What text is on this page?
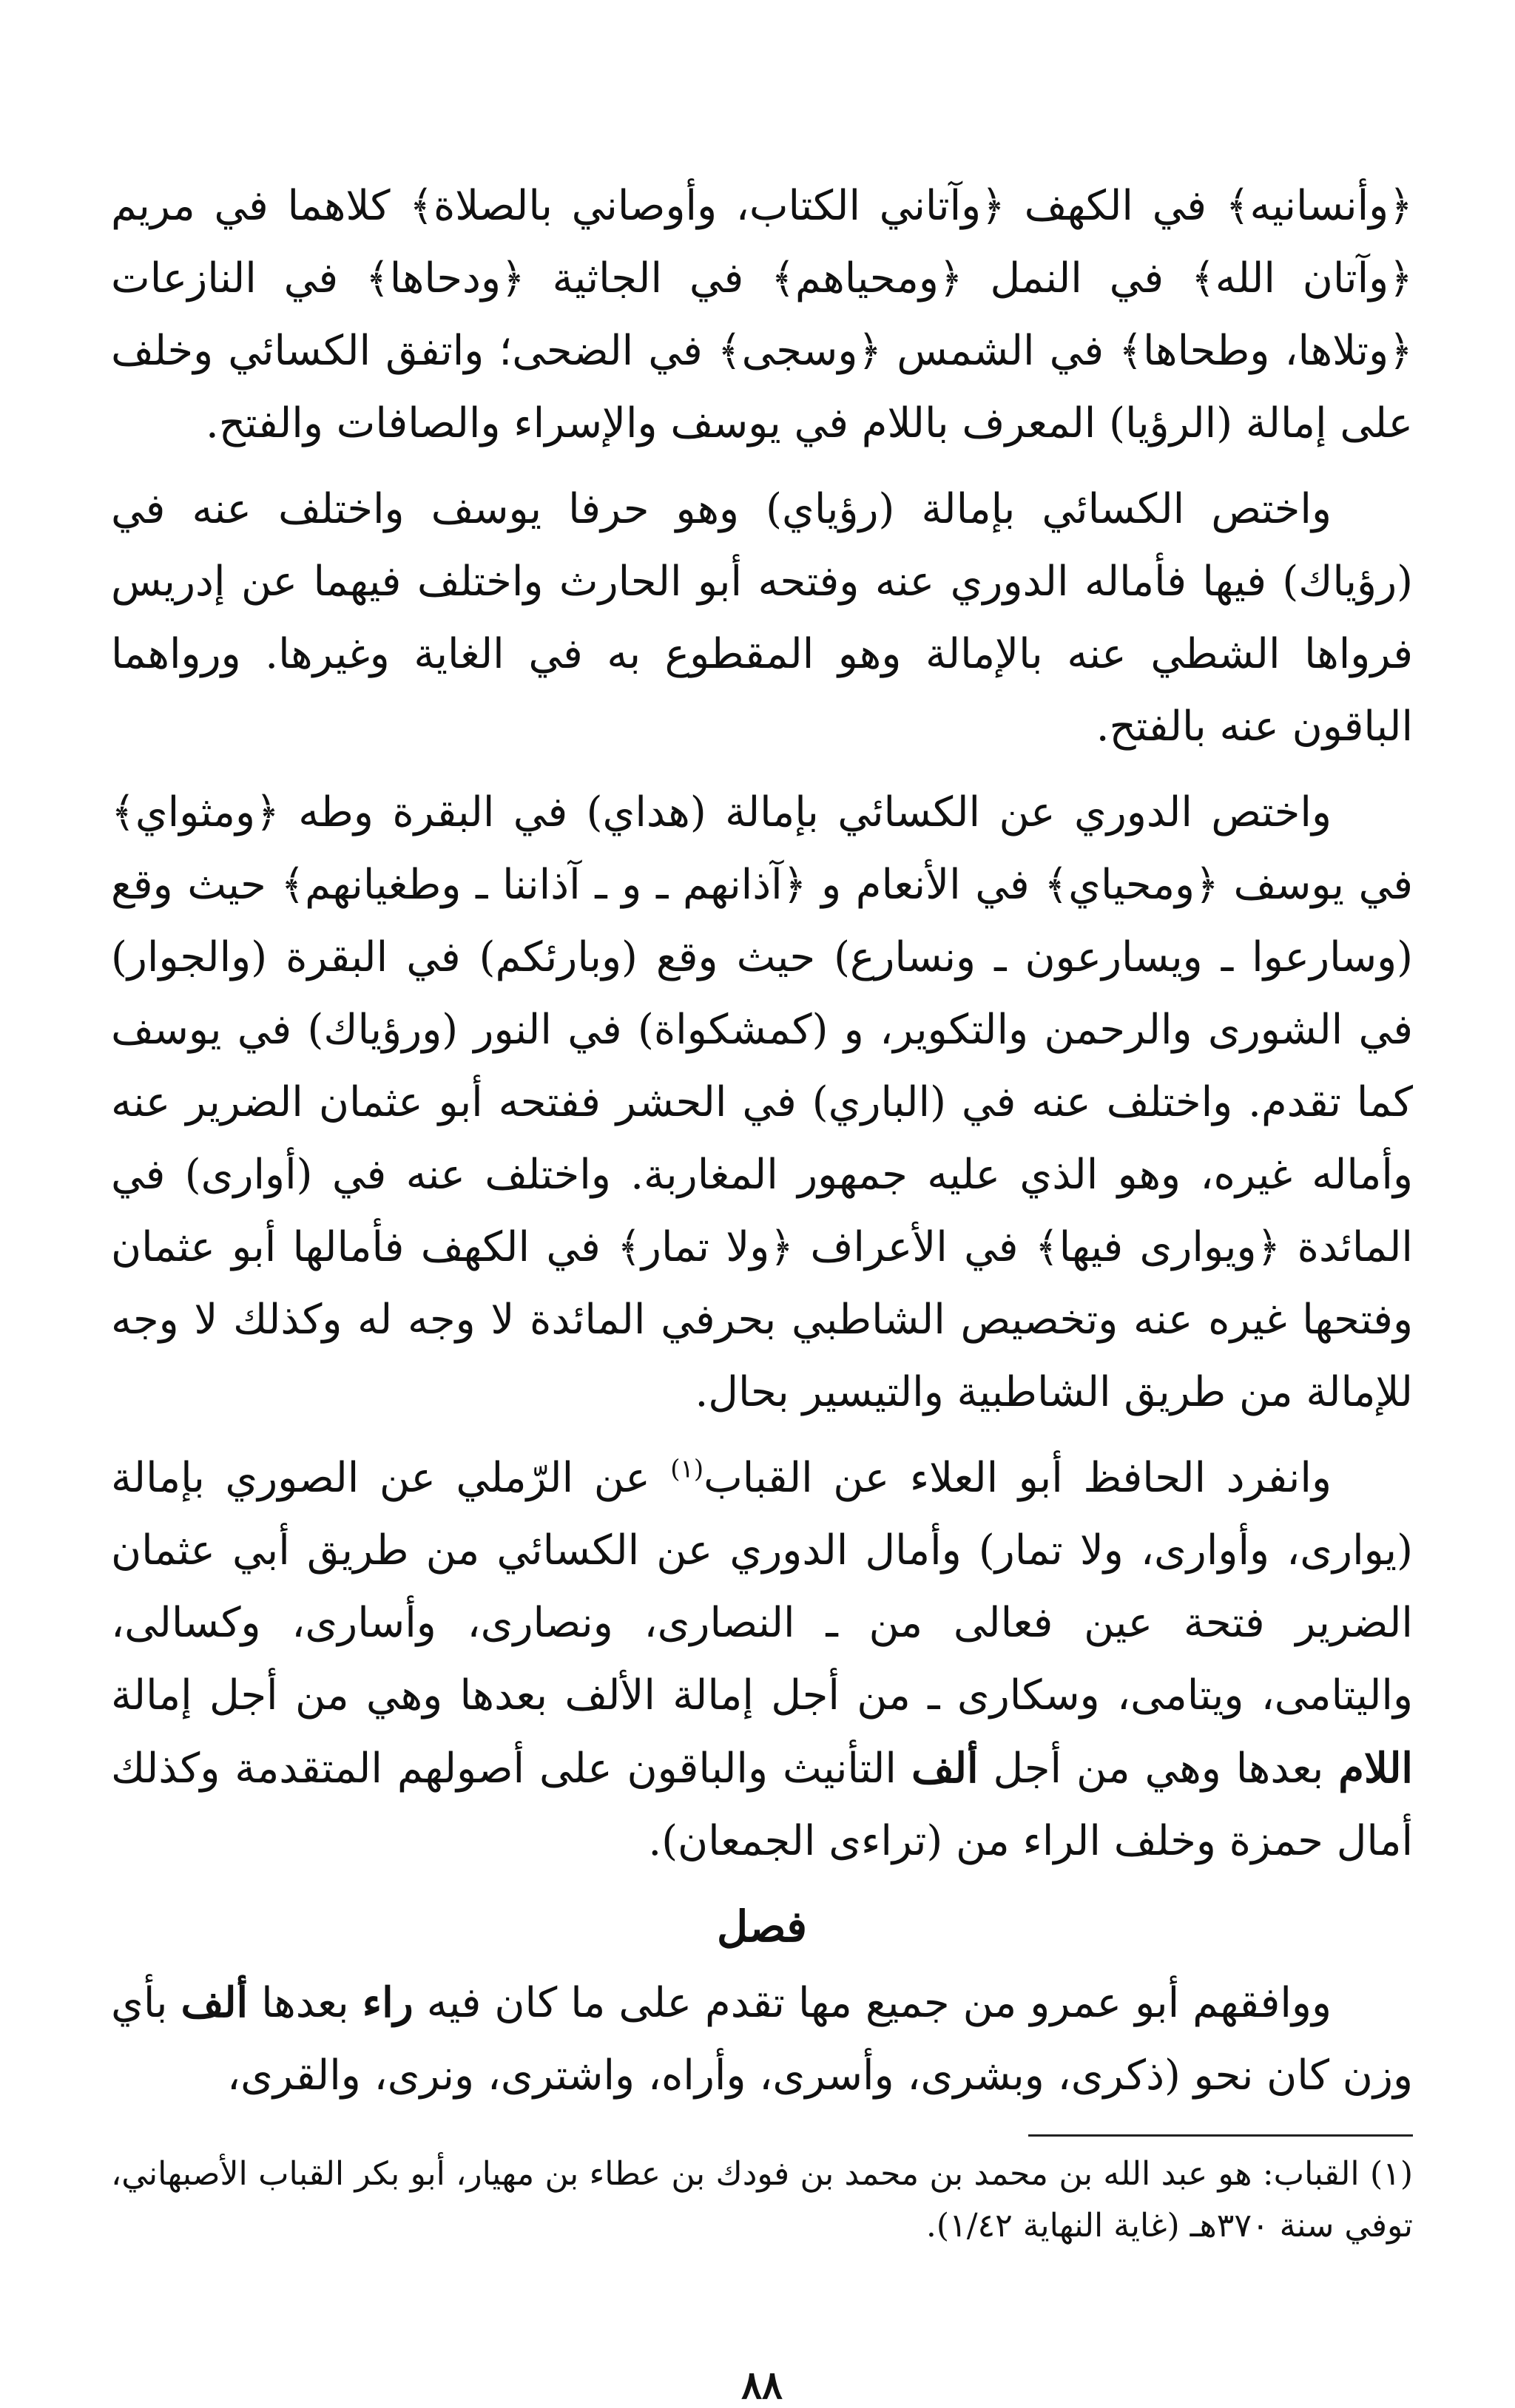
﴿وأنسانيه﴾ في الكهف ﴿وآتاني الكتاب، وأوصاني بالصلاة﴾ كلاهما في مريم ﴿وآتان الله﴾ في النمل ﴿ومحياهم﴾ في الجاثية ﴿ودحاها﴾ في النازعات ﴿وتلاها، وطحاها﴾ في الشمس ﴿وسجى﴾ في الضحى؛ واتفق الكسائي وخلف على إمالة (الرؤيا) المعرف باللام في يوسف والإسراء والصافات والفتح.

واختص الكسائي بإمالة (رؤياي) وهو حرفا يوسف واختلف عنه في (رؤياك) فيها فأماله الدوري عنه وفتحه أبو الحارث واختلف فيهما عن إدريس فرواها الشطي عنه بالإمالة وهو المقطوع به في الغاية وغيرها. ورواهما الباقون عنه بالفتح.

واختص الدوري عن الكسائي بإمالة (هداي) في البقرة وطه ﴿ومثواي﴾ في يوسف ﴿ومحياي﴾ في الأنعام و ﴿آذانهم ـ و ـ آذاننا ـ وطغيانهم﴾ حيث وقع (وسارعوا ـ ويسارعون ـ ونسارع) حيث وقع (وبارئكم) في البقرة (والجوار) في الشورى والرحمن والتكوير، و (كمشكواة) في النور (ورؤياك) في يوسف كما تقدم. واختلف عنه في (الباري) في الحشر ففتحه أبو عثمان الضرير عنه وأماله غيره، وهو الذي عليه جمهور المغاربة. واختلف عنه في (أوارى) في المائدة ﴿ويوارى فيها﴾ في الأعراف ﴿ولا تمار﴾ في الكهف فأمالها أبو عثمان وفتحها غيره عنه وتخصيص الشاطبي بحرفي المائدة لا وجه له وكذلك لا وجه للإمالة من طريق الشاطبية والتيسير بحال.

وانفرد الحافظ أبو العلاء عن القباب$^{(١)}$ عن الرّملي عن الصوري بإمالة (يوارى، وأوارى، ولا تمار) وأمال الدوري عن الكسائي من طريق أبي عثمان الضرير فتحة عين فعالى من ـ النصارى، ونصارى، وأسارى، وكسالى، واليتامى، ويتامى، وسكارى ـ من أجل إمالة الألف بعدها وهي من أجل إمالة اللام بعدها وهي من أجل ألف التأنيث والباقون على أصولهم المتقدمة وكذلك أمال حمزة وخلف الراء من (تراءى الجمعان).

فصل

ووافقهم أبو عمرو من جميع مها تقدم على ما كان فيه راء بعدها ألف بأي وزن كان نحو (ذكرى، وبشرى، وأسرى، وأراه، واشترى، ونرى، والقرى،

(١) القباب: هو عبد الله بن محمد بن محمد بن فودك بن عطاء بن مهيار، أبو بكر القباب الأصبهاني، توفي سنة ٣٧٠هـ (غاية النهاية ١/٤٢).

٨٨
